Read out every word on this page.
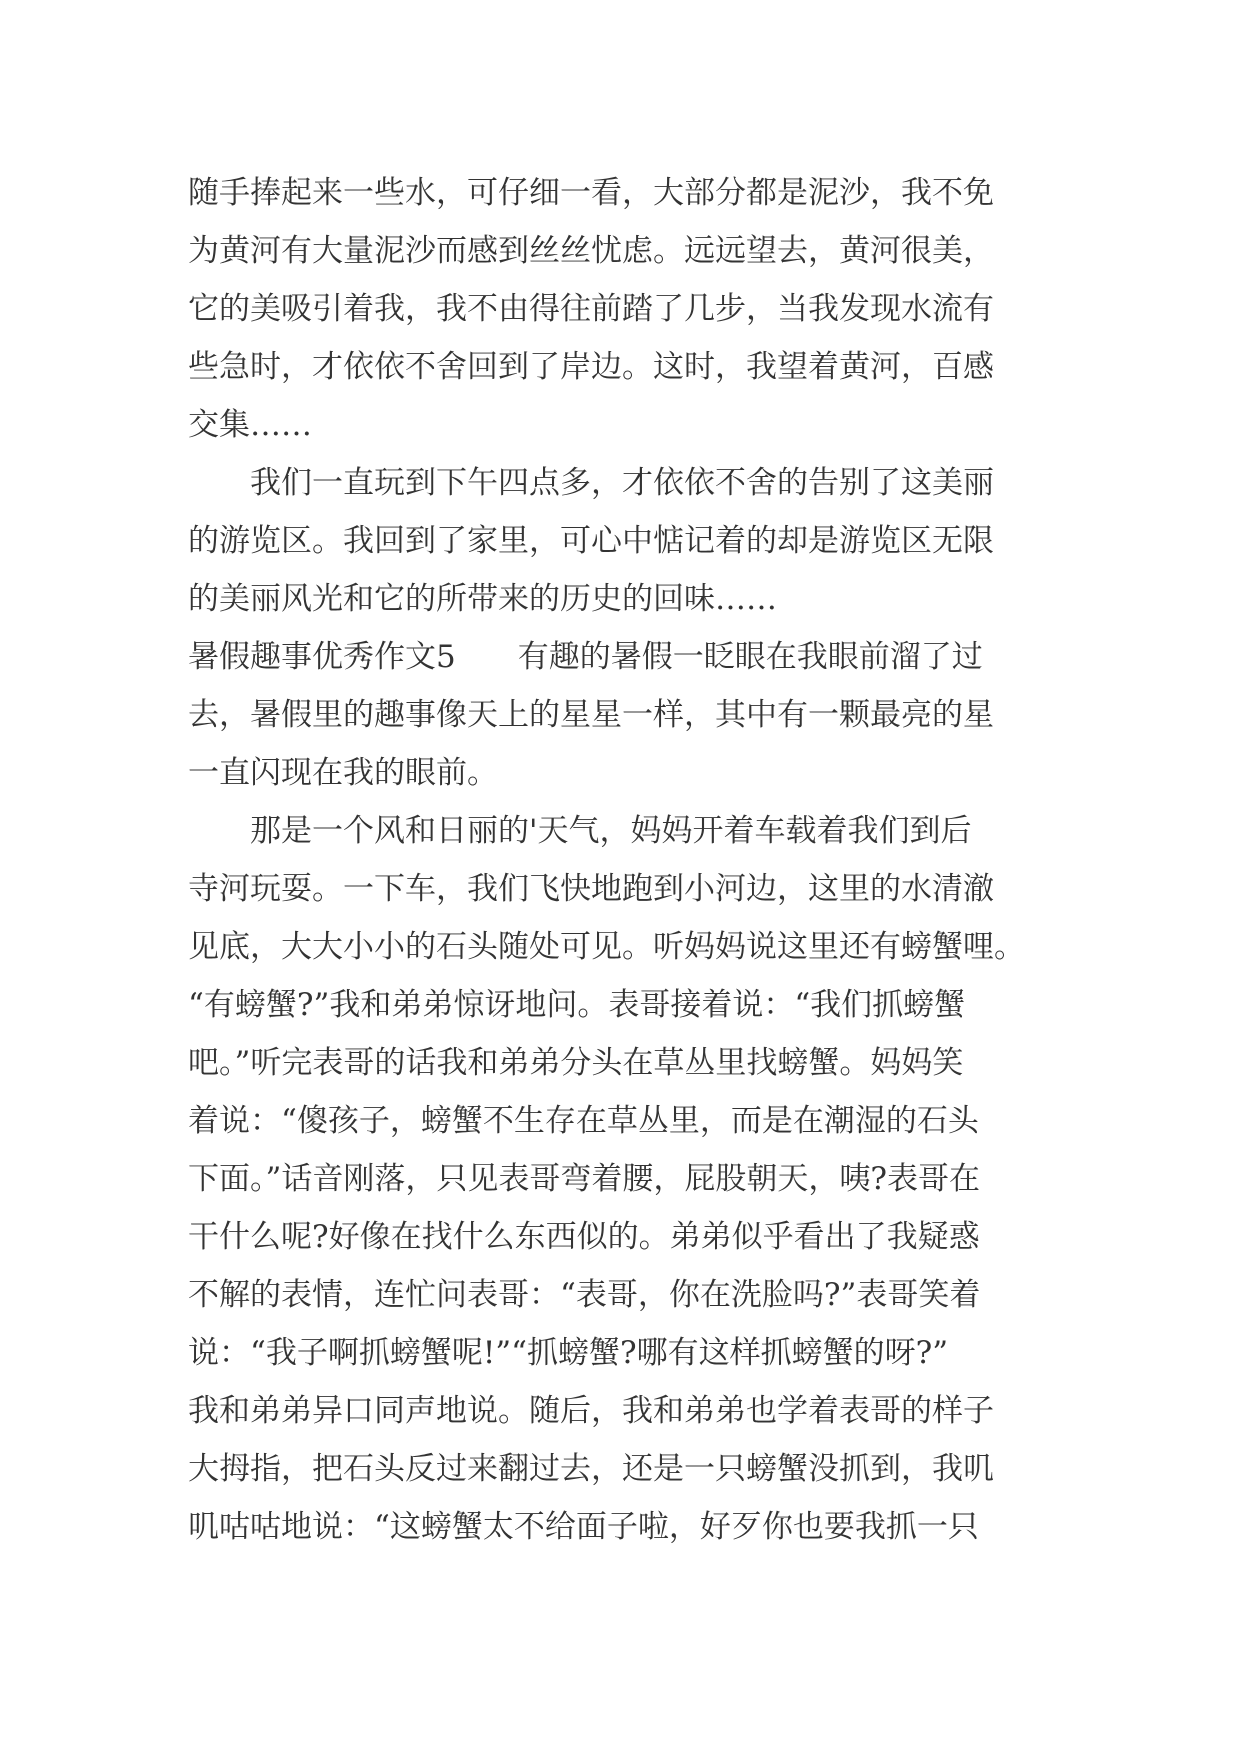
随手捧起来一些水，可仔细一看，大部分都是泥沙，我不免
为黄河有大量泥沙而感到丝丝忧虑。远远望去，黄河很美，
它的美吸引着我，我不由得往前踏了几步，当我发现水流有
些急时，才依依不舍回到了岸边。这时，我望着黄河，百感
交集……
　　我们一直玩到下午四点多，才依依不舍的告别了这美丽
的游览区。我回到了家里，可心中惦记着的却是游览区无限
的美丽风光和它的所带来的历史的回味……
暑假趣事优秀作文5　　有趣的暑假一眨眼在我眼前溜了过
去，暑假里的趣事像天上的星星一样，其中有一颗最亮的星
一直闪现在我的眼前。
　　那是一个风和日丽的'天气，妈妈开着车载着我们到后
寺河玩耍。一下车，我们飞快地跑到小河边，这里的水清澈
见底，大大小小的石头随处可见。听妈妈说这里还有螃蟹哩。
“有螃蟹?”我和弟弟惊讶地问。表哥接着说：“我们抓螃蟹
吧。”听完表哥的话我和弟弟分头在草丛里找螃蟹。妈妈笑
着说：“傻孩子，螃蟹不生存在草丛里，而是在潮湿的石头
下面。”话音刚落，只见表哥弯着腰，屁股朝天，咦?表哥在
干什么呢?好像在找什么东西似的。弟弟似乎看出了我疑惑
不解的表情，连忙问表哥：“表哥，你在洗脸吗?”表哥笑着
说：“我子啊抓螃蟹呢!”“抓螃蟹?哪有这样抓螃蟹的呀?”
我和弟弟异口同声地说。随后，我和弟弟也学着表哥的样子
大拇指，把石头反过来翻过去，还是一只螃蟹没抓到，我叽
叽咕咕地说：“这螃蟹太不给面子啦，好歹你也要我抓一只
